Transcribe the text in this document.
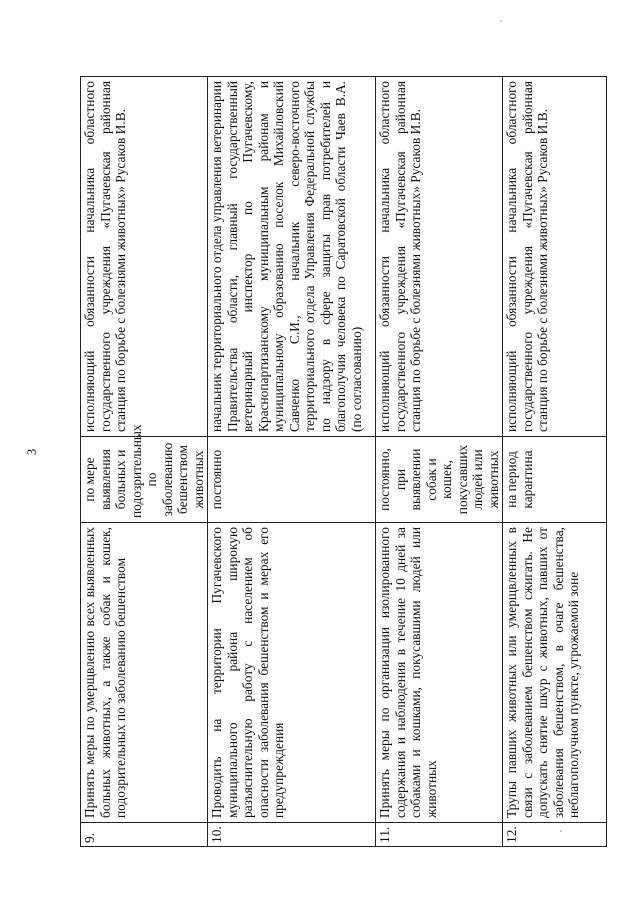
3
9.	Принять меры по умерщвлению всех выявленных больных животных, а также собак и кошек, подозрительных по заболеванию бешенством	по мере выявления больных и подозрительных по заболеванию бешенством животных	исполняющий обязанности начальника областного государственного учреждения «Пугачевская районная станция по борьбе с болезнями животных» Русаков И.В.
10.	Проводить на территории Пугачевского муниципального района широкую разъяснительную работу с населением об опасности заболевания бешенством и мерах его предупреждения	постоянно	начальник территориального отдела управления ветеринарии Правительства области, главный государственный ветеринарный инспектор по Пугачевскому, Краснопартизанскому муниципальным районам и муниципальному образованию поселок Михайловский Савченко С.И., начальник северо-восточного территориального отдела Управления Федеральной службы по надзору в сфере защиты прав потребителей и благополучия человека по Саратовской области Чаев В.А. (по согласованию)
11.	Принять меры по организации изолированного содержания и наблюдения в течение 10 дней за собаками и кошками, покусавшими людей или животных	постоянно, при выявлении собак и кошек, покусавших людей или животных	исполняющий обязанности начальника областного государственного учреждения «Пугачевская районная станция по борьбе с болезнями животных» Русаков И.В.
12.	Трупы павших животных или умерщвленных в связи с заболеванием бешенством сжигать. Не допускать снятие шкур с животных, павших от заболевания бешенством, в очаге бешенства, неблагополучном пункте, угрожаемой зоне	на период карантина	исполняющий обязанности начальника областного государственного учреждения «Пугачевская районная станция по борьбе с болезнями животных» Русаков И.В.
